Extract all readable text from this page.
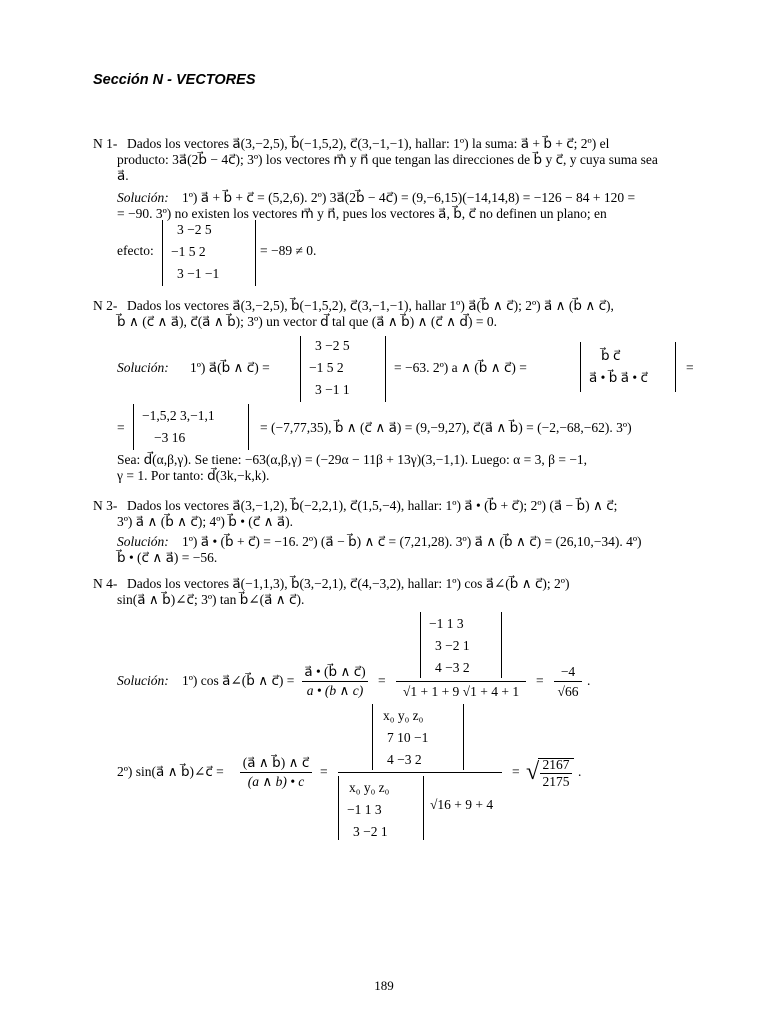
Sección N - VECTORES
N 1- Dados los vectores a⃗(3,−2,5), b⃗(−1,5,2), c⃗(3,−1,−1), hallar: 1º) la suma: a⃗ + b⃗ + c⃗; 2º) el
producto: 3a⃗(2b⃗ − 4c⃗); 3º) los vectores m⃗ y n⃗ que tengan las direcciones de b⃗ y c⃗, y cuya suma sea
a⃗.
Solución: 1º) a⃗ + b⃗ + c⃗ = (5,2,6). 2º) 3a⃗(2b⃗ − 4c⃗) = (9,−6,15)(−14,14,8) = −126 − 84 + 120 =
= −90. 3º) no existen los vectores m⃗ y n⃗, pues los vectores a⃗, b⃗, c⃗ no definen un plano; en
efecto:
3 −2 5
−1 5 2
3 −1 −1
= −89 ≠ 0.
N 2- Dados los vectores a⃗(3,−2,5), b⃗(−1,5,2), c⃗(3,−1,−1), hallar 1º) a⃗(b⃗ ∧ c⃗); 2º) a⃗ ∧ (b⃗ ∧ c⃗),
b⃗ ∧ (c⃗ ∧ a⃗), c⃗(a⃗ ∧ b⃗); 3º) un vector d⃗ tal que (a⃗ ∧ b⃗) ∧ (c⃗ ∧ d⃗) = 0.
Solución: 1º) a⃗(b⃗ ∧ c⃗) =
3 −2 5
−1 5 2
3 −1 1
= −63. 2º) a ∧ (b⃗ ∧ c⃗) =
b⃗ c⃗
a⃗ • b⃗ a⃗ • c⃗
=
=
−1,5,2 3,−1,1
−3 16
= (−7,77,35), b⃗ ∧ (c⃗ ∧ a⃗) = (9,−9,27), c⃗(a⃗ ∧ b⃗) = (−2,−68,−62). 3º)
Sea: d⃗(α,β,γ). Se tiene: −63(α,β,γ) = (−29α − 11β + 13γ)(3,−1,1). Luego: α = 3, β = −1,
γ = 1. Por tanto: d⃗(3k,−k,k).
N 3- Dados los vectores a⃗(3,−1,2), b⃗(−2,2,1), c⃗(1,5,−4), hallar: 1º) a⃗ • (b⃗ + c⃗); 2º) (a⃗ − b⃗) ∧ c⃗;
3º) a⃗ ∧ (b⃗ ∧ c⃗); 4º) b⃗ • (c⃗ ∧ a⃗).
Solución: 1º) a⃗ • (b⃗ + c⃗) = −16. 2º) (a⃗ − b⃗) ∧ c⃗ = (7,21,28). 3º) a⃗ ∧ (b⃗ ∧ c⃗) = (26,10,−34). 4º)
b⃗ • (c⃗ ∧ a⃗) = −56.
N 4- Dados los vectores a⃗(−1,1,3), b⃗(3,−2,1), c⃗(4,−3,2), hallar: 1º) cos a⃗∠(b⃗ ∧ c⃗); 2º)
sin(a⃗ ∧ b⃗)∠c⃗; 3º) tan b⃗∠(a⃗ ∧ c⃗).
−1 1 3
3 −2 1
4 −3 2
Solución: 1º) cos a⃗∠(b⃗ ∧ c⃗) =
a⃗ • (b⃗ ∧ c⃗)
a • (b ∧ c)
=
√1 + 1 + 9 √1 + 4 + 1
=
−4
√66
.
x₀ y₀ z₀
7 10 −1
4 −3 2
2º) sin(a⃗ ∧ b⃗)∠c⃗ =
(a⃗ ∧ b⃗) ∧ c⃗
(a ∧ b) • c
=
x₀ y₀ z₀
−1 1 3
3 −2 1
√16 + 9 + 4
= √ 2167
2175
.
189
